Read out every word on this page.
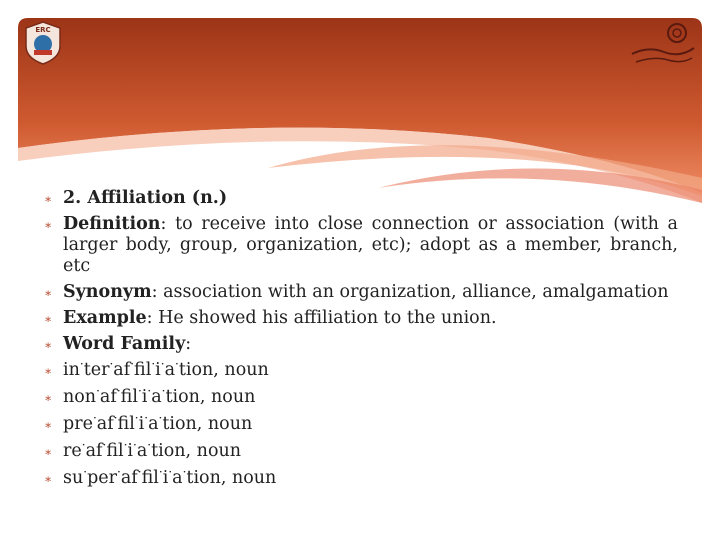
ERC
∗ 2. Affiliation (n.)
∗ Definition: to receive into close connection or association (with a larger body, group, organization, etc); adopt as a member, branch, etc
∗ Synonym: association with an organization, alliance, amalgamation
∗ Example: He showed his affiliation to the union.
∗ Word Family:
∗ in·ter·af·fil·i·a·tion, noun
∗ non·af·fil·i·a·tion, noun
∗ pre·af·fil·i·a·tion, noun
∗ re·af·fil·i·a·tion, noun
∗ su·per·af·fil·i·a·tion, noun
